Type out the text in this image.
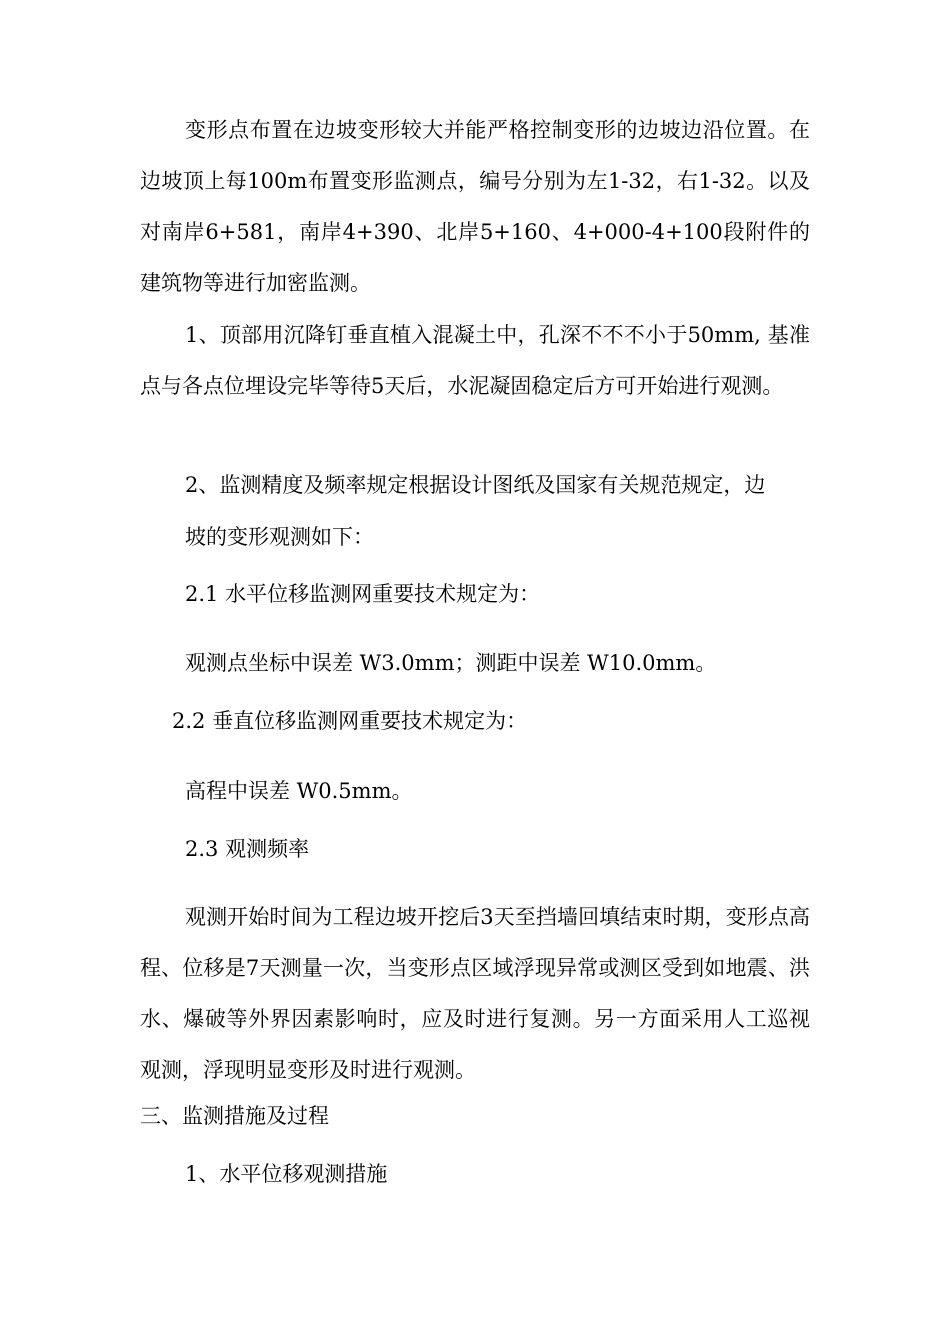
变形点布置在边坡变形较大并能严格控制变形的边坡边沿位置。在边坡顶上每100m布置变形监测点，编号分别为左1-32，右1-32。以及对南岸6+581，南岸4+390、北岸5+160、4+000-4+100段附件的建筑物等进行加密监测。

1、顶部用沉降钉垂直植入混凝土中，孔深不不不小于50mm, 基准点与各点位埋设完毕等待5天后，水泥凝固稳定后方可开始进行观测。

2、监测精度及频率规定根据设计图纸及国家有关规范规定，边

坡的变形观测如下：

2.1 水平位移监测网重要技术规定为：

观测点坐标中误差 W3.0mm；测距中误差 W10.0mm。

2.2 垂直位移监测网重要技术规定为：

高程中误差 W0.5mm。

2.3 观测频率

观测开始时间为工程边坡开挖后3天至挡墙回填结束时期，变形点高程、位移是7天测量一次，当变形点区域浮现异常或测区受到如地震、洪水、爆破等外界因素影响时，应及时进行复测。另一方面采用人工巡视观测，浮现明显变形及时进行观测。

三、监测措施及过程

1、水平位移观测措施
